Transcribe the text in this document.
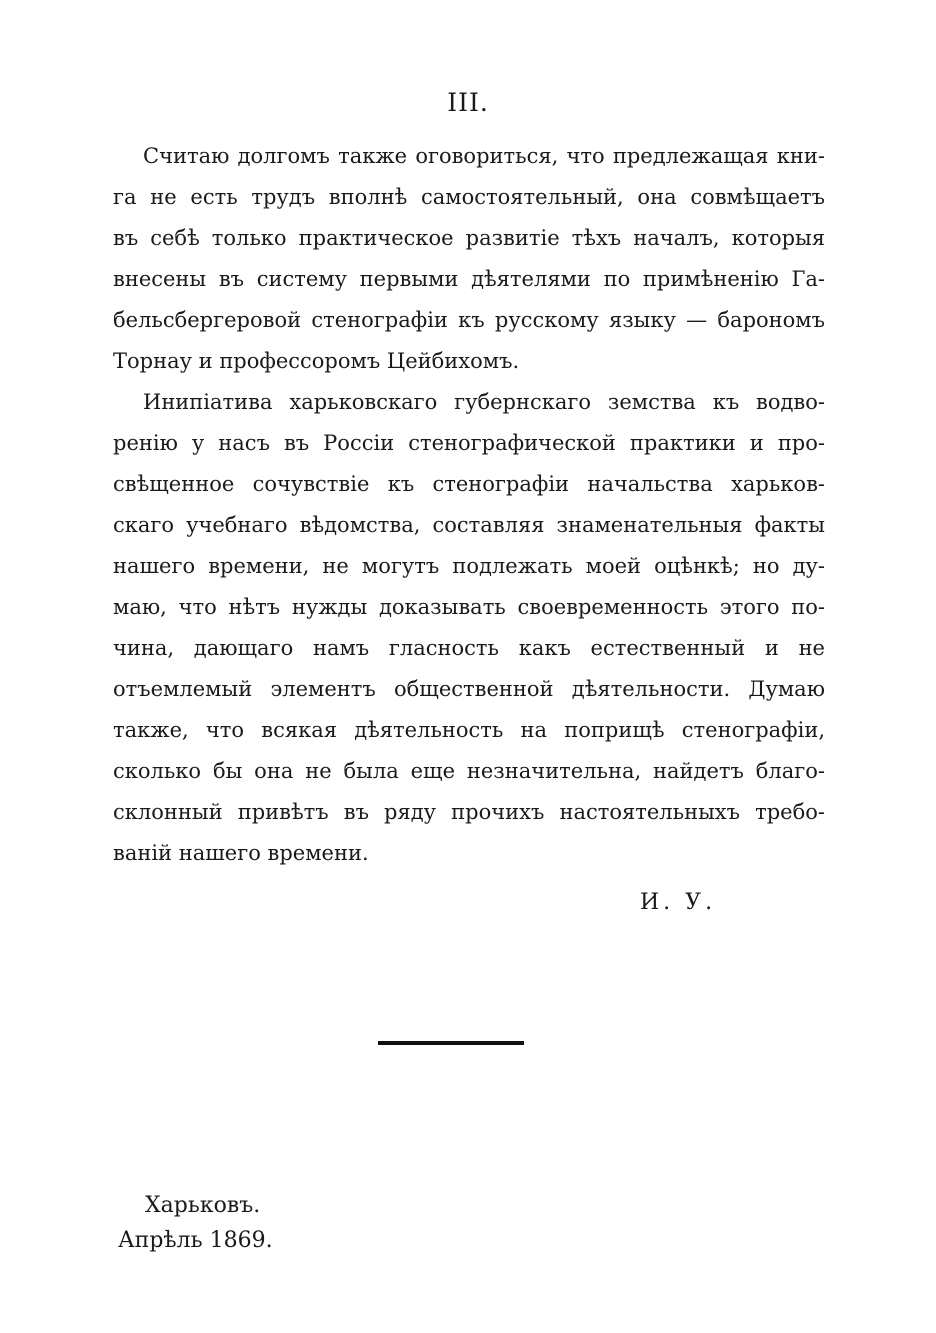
III.
Считаю долгомъ также оговориться, что предлежащая кни-
га не есть трудъ вполнѣ самостоятельный, она совмѣщаетъ
въ себѣ только практическое развитіе тѣхъ началъ, которыя
внесены въ систему первыми дѣятелями по примѣненію Га-
бельсбергеровой стенографіи къ русскому языку — барономъ
Торнау и профессоромъ Цейбихомъ.
Инипіатива харьковскаго губернскаго земства къ водво-
ренію у насъ въ Россіи стенографической практики и про-
свѣщенное сочувствіе къ стенографіи начальства харьков-
скаго учебнаго вѣдомства, составляя знаменательныя факты
нашего времени, не могутъ подлежать моей оцѣнкѣ; но ду-
маю, что нѣтъ нужды доказывать своевременность этого по-
чина, дающаго намъ гласность какъ естественный и не
отъемлемый элементъ общественной дѣятельности. Думаю
также, что всякая дѣятельность на поприщѣ стенографіи,
сколько бы она не была еще незначительна, найдетъ благо-
склонный привѣтъ въ ряду прочихъ настоятельныхъ требо-
ваній нашего времени.
И. У.
Харьковъ.
Апрѣль 1869.
